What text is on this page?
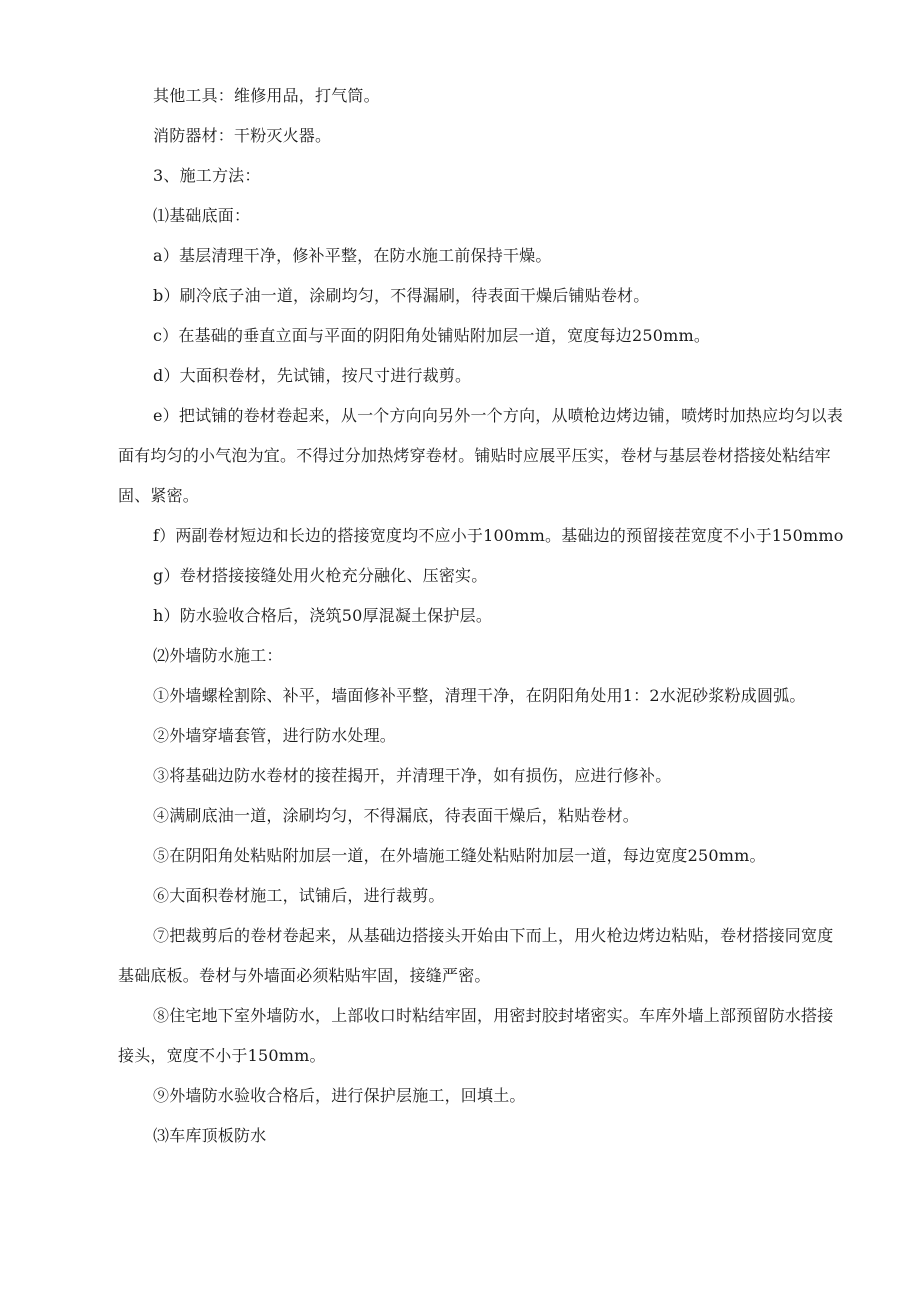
其他工具：维修用品，打气筒。

消防器材：干粉灭火器。

3、施工方法：

⑴基础底面：

a）基层清理干净，修补平整，在防水施工前保持干燥。

b）刷冷底子油一道，涂刷均匀，不得漏刷，待表面干燥后铺贴卷材。

c）在基础的垂直立面与平面的阴阳角处铺贴附加层一道，宽度每边250mm。

d）大面积卷材，先试铺，按尺寸进行裁剪。

e）把试铺的卷材卷起来，从一个方向向另外一个方向，从喷枪边烤边铺，喷烤时加热应均匀以表面有均匀的小气泡为宜。不得过分加热烤穿卷材。铺贴时应展平压实，卷材与基层卷材搭接处粘结牢固、紧密。

f）两副卷材短边和长边的搭接宽度均不应小于100mm。基础边的预留接茬宽度不小于150mmo

g）卷材搭接接缝处用火枪充分融化、压密实。

h）防水验收合格后，浇筑50厚混凝土保护层。

⑵外墙防水施工：

①外墙螺栓割除、补平，墙面修补平整，清理干净，在阴阳角处用1：2水泥砂浆粉成圆弧。

②外墙穿墙套管，进行防水处理。

③将基础边防水卷材的接茬揭开，并清理干净，如有损伤，应进行修补。

④满刷底油一道，涂刷均匀，不得漏底，待表面干燥后，粘贴卷材。

⑤在阴阳角处粘贴附加层一道，在外墙施工缝处粘贴附加层一道，每边宽度250mm。

⑥大面积卷材施工，试铺后，进行裁剪。

⑦把裁剪后的卷材卷起来，从基础边搭接头开始由下而上，用火枪边烤边粘贴，卷材搭接同宽度基础底板。卷材与外墙面必须粘贴牢固，接缝严密。

⑧住宅地下室外墙防水，上部收口时粘结牢固，用密封胶封堵密实。车库外墙上部预留防水搭接接头，宽度不小于150mm。

⑨外墙防水验收合格后，进行保护层施工，回填土。

⑶车库顶板防水
